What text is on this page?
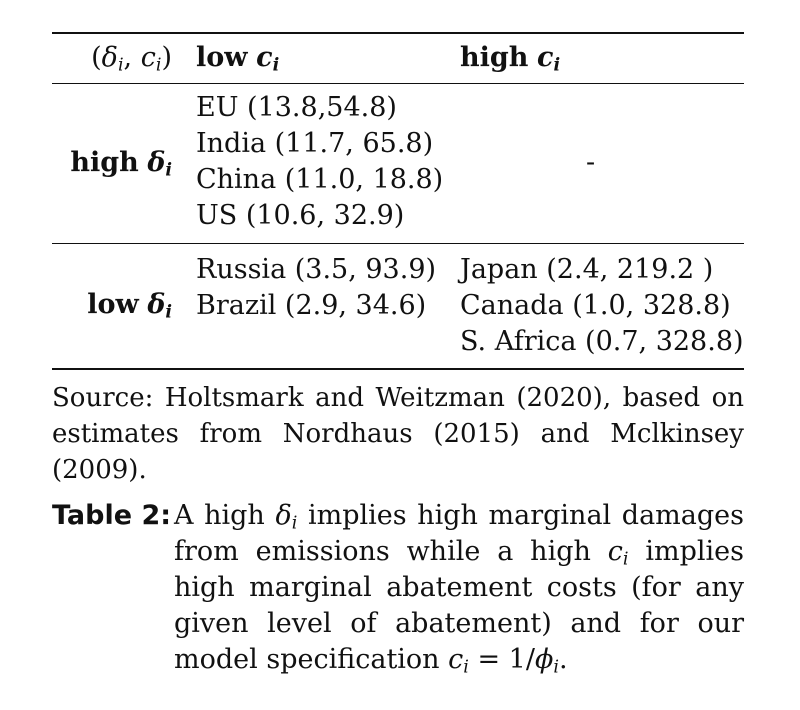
($\delta_i$, $c_i$) low $c_i$	high $c_i$
high $\delta_i$
EU (13.8,54.8)
India (11.7, 65.8)
China (11.0, 18.8)
US (10.6, 32.9)
-
low $\delta_i$
Russia (3.5, 93.9)
Brazil (2.9, 34.6)
Japan (2.4, 219.2 )
Canada (1.0, 328.8)
S. Africa (0.7, 328.8)
Source: Holtsmark and Weitzman (2020), based on estimates from Nordhaus (2015) and Mclkinsey (2009).
Table 2: A high $\delta_i$ implies high marginal damages from emissions while a high $c_i$ implies high marginal abatement costs (for any given level of abatement) and for our model specification $c_i = 1/\phi_i$.
